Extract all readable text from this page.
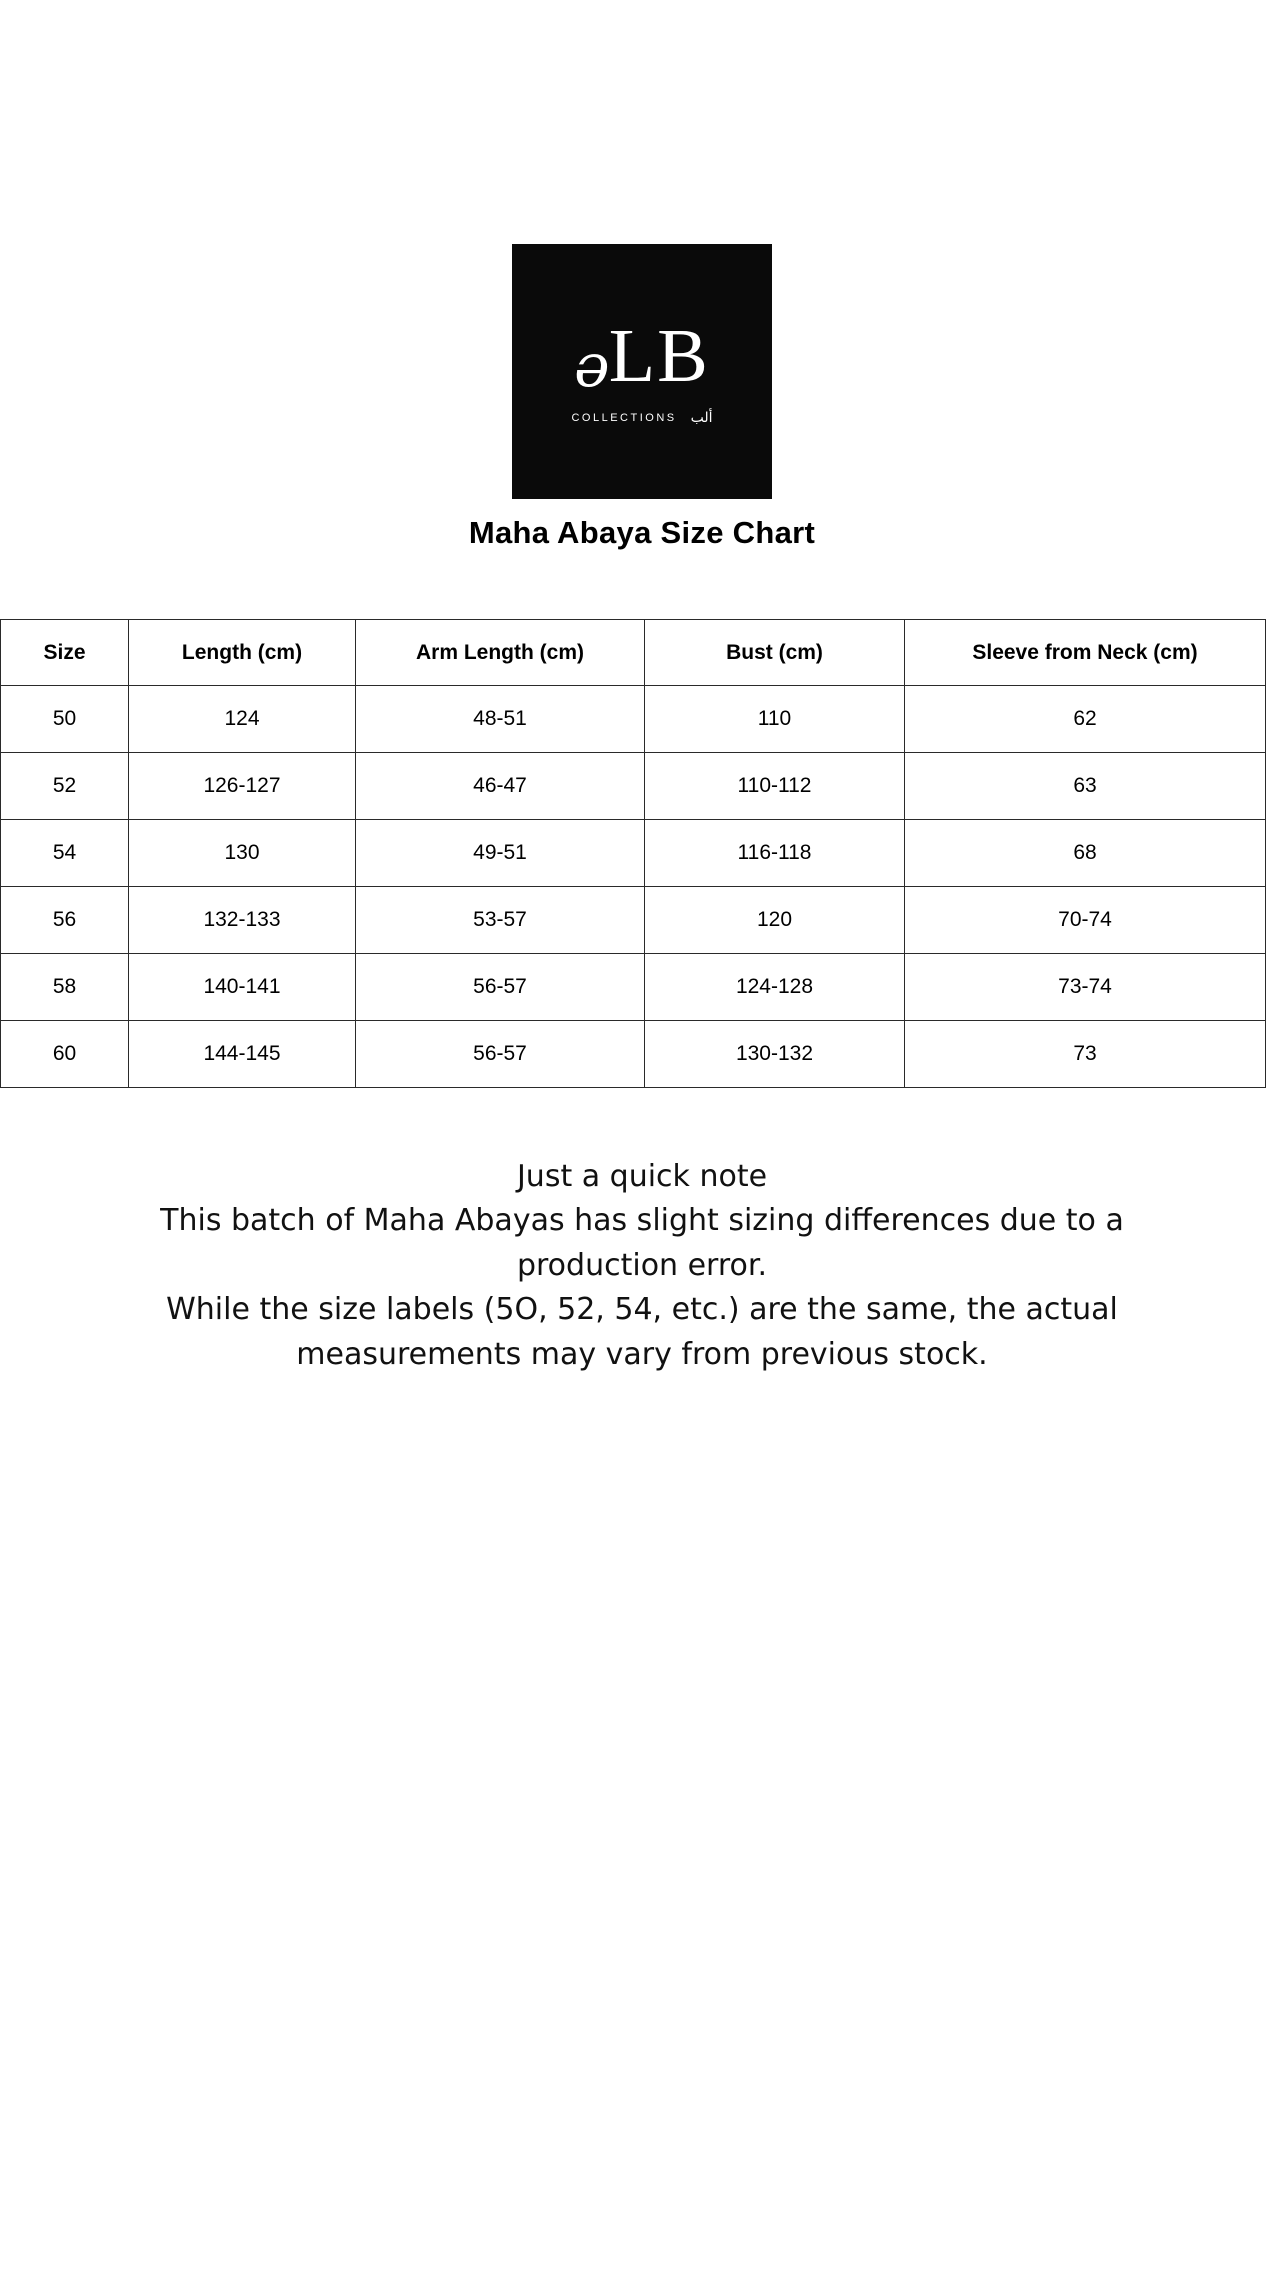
ə
LB
COLLECTIONS ألب
Maha Abaya Size Chart
Size	Length (cm)	Arm Length (cm)	Bust (cm)	Sleeve from Neck (cm)
50	124	48-51	110	62
52	126-127	46-47	110-112	63
54	130	49-51	116-118	68
56	132-133	53-57	120	70-74
58	140-141	56-57	124-128	73-74
60	144-145	56-57	130-132	73
Just a quick note
This batch of Maha Abayas has slight sizing differences due to a
production error.
While the size labels (5O, 52, 54, etc.) are the same, the actual
measurements may vary from previous stock.
